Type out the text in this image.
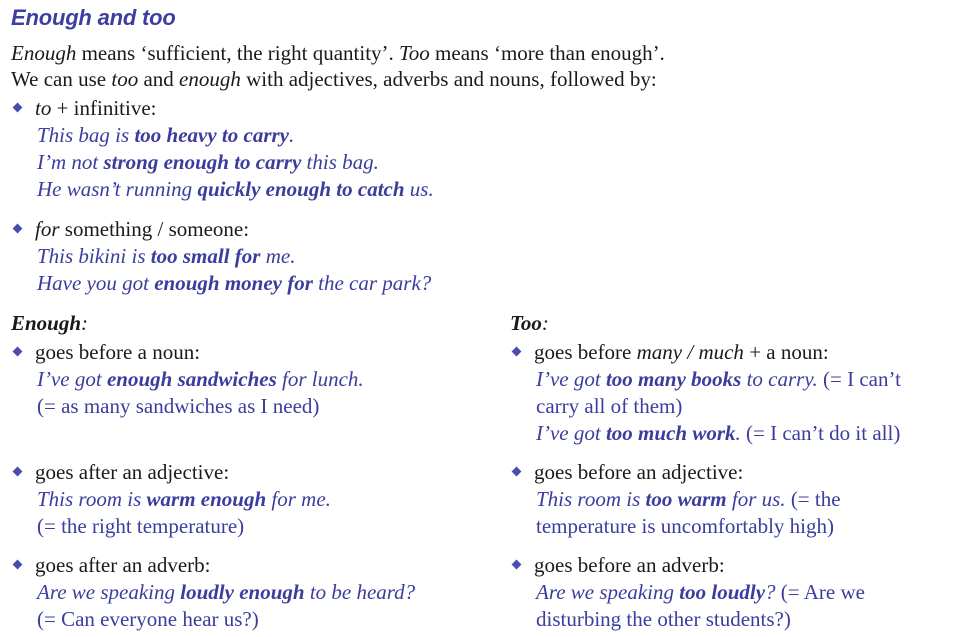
Enough and too
Enough means ‘sufficient, the right quantity’. Too means ‘more than enough’.
We can use too and enough with adjectives, adverbs and nouns, followed by:
to + infinitive:
This bag is too heavy to carry.
I’m not strong enough to carry this bag.
He wasn’t running quickly enough to catch us.
for something / someone:
This bikini is too small for me.
Have you got enough money for the car park?
Enough:
goes before a noun:
I’ve got enough sandwiches for lunch.
(= as many sandwiches as I need)
goes after an adjective:
This room is warm enough for me.
(= the right temperature)
goes after an adverb:
Are we speaking loudly enough to be heard?
(= Can everyone hear us?)
Too:
goes before many / much + a noun:
I’ve got too many books to carry. (= I can’t
carry all of them)
I’ve got too much work. (= I can’t do it all)
goes before an adjective:
This room is too warm for us. (= the
temperature is uncomfortably high)
goes before an adverb:
Are we speaking too loudly? (= Are we
disturbing the other students?)
